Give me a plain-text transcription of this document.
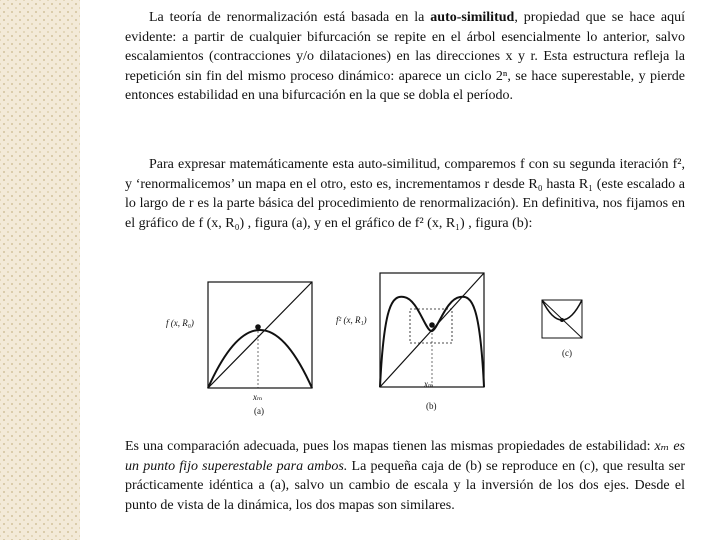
La teoría de renormalización está basada en la auto-similitud, propiedad que se hace aquí evidente: a partir de cualquier bifurcación se repite en el árbol esencialmente lo anterior, salvo escalamientos (contracciones y/o dilataciones) en las direcciones x y r. Esta estructura refleja la repetición sin fin del mismo proceso dinámico: aparece un ciclo 2ⁿ, se hace superestable, y pierde entonces estabilidad en una bifurcación en la que se dobla el período.
Para expresar matemáticamente esta auto-similitud, comparemos f con su segunda iteración f², y ‘renormalicemos’ un mapa en el otro, esto es, incrementamos r desde R₀ hasta R₁ (este escalado a lo largo de r es la parte básica del procedimiento de renormalización). En definitiva, nos fijamos en el gráfico de f (x, R₀) , figura (a), y en el gráfico de f² (x, R₁) , figura (b):
f (x, R₀)
xₘ
(a)
f² (x, R₁)
xₘ
(b)
(c)
Es una comparación adecuada, pues los mapas tienen las mismas propiedades de estabilidad: xₘ es un punto fijo superestable para ambos. La pequeña caja de (b) se reproduce en (c), que resulta ser prácticamente idéntica a (a), salvo un cambio de escala y la inversión de los dos ejes. Desde el punto de vista de la dinámica, los dos mapas son similares.
